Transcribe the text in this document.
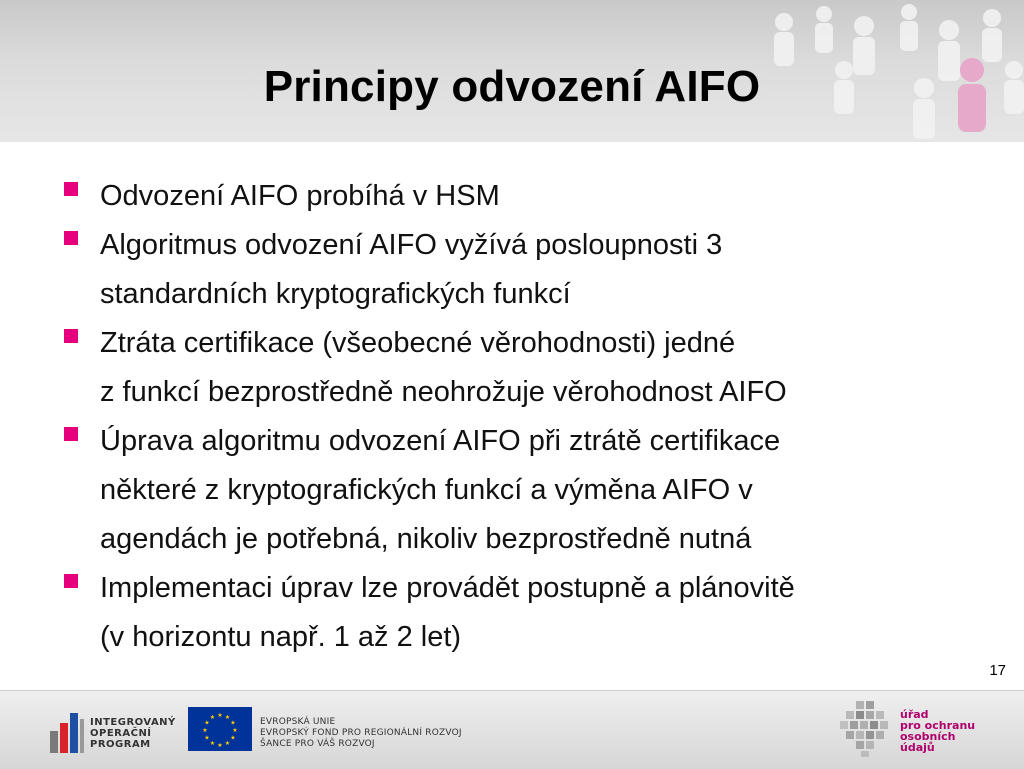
Principy odvození AIFO
Odvození AIFO probíhá v HSM
Algoritmus odvození AIFO vyžívá posloupnosti 3
standardních kryptografických funkcí
Ztráta certifikace (všeobecné věrohodnosti) jedné
z funkcí bezprostředně neohrožuje věrohodnost AIFO
Úprava algoritmu odvození AIFO při ztrátě certifikace
některé z kryptografických funkcí a výměna AIFO v
agendách je potřebná, nikoliv bezprostředně nutná
Implementaci úprav lze provádět postupně a plánovitě
(v horizontu např. 1 až 2 let)
17
INTEGROVANÝ
OPERAČNÍ
PROGRAM
★ ★
★
★
★
★
★
★
★
★
★
★	EVROPSKÁ UNIE
EVROPSKÝ FOND PRO REGIONÁLNÍ ROZVOJ
ŠANCE PRO VÁŠ ROZVOJ
úřad
pro ochranu
osobních
údajů
